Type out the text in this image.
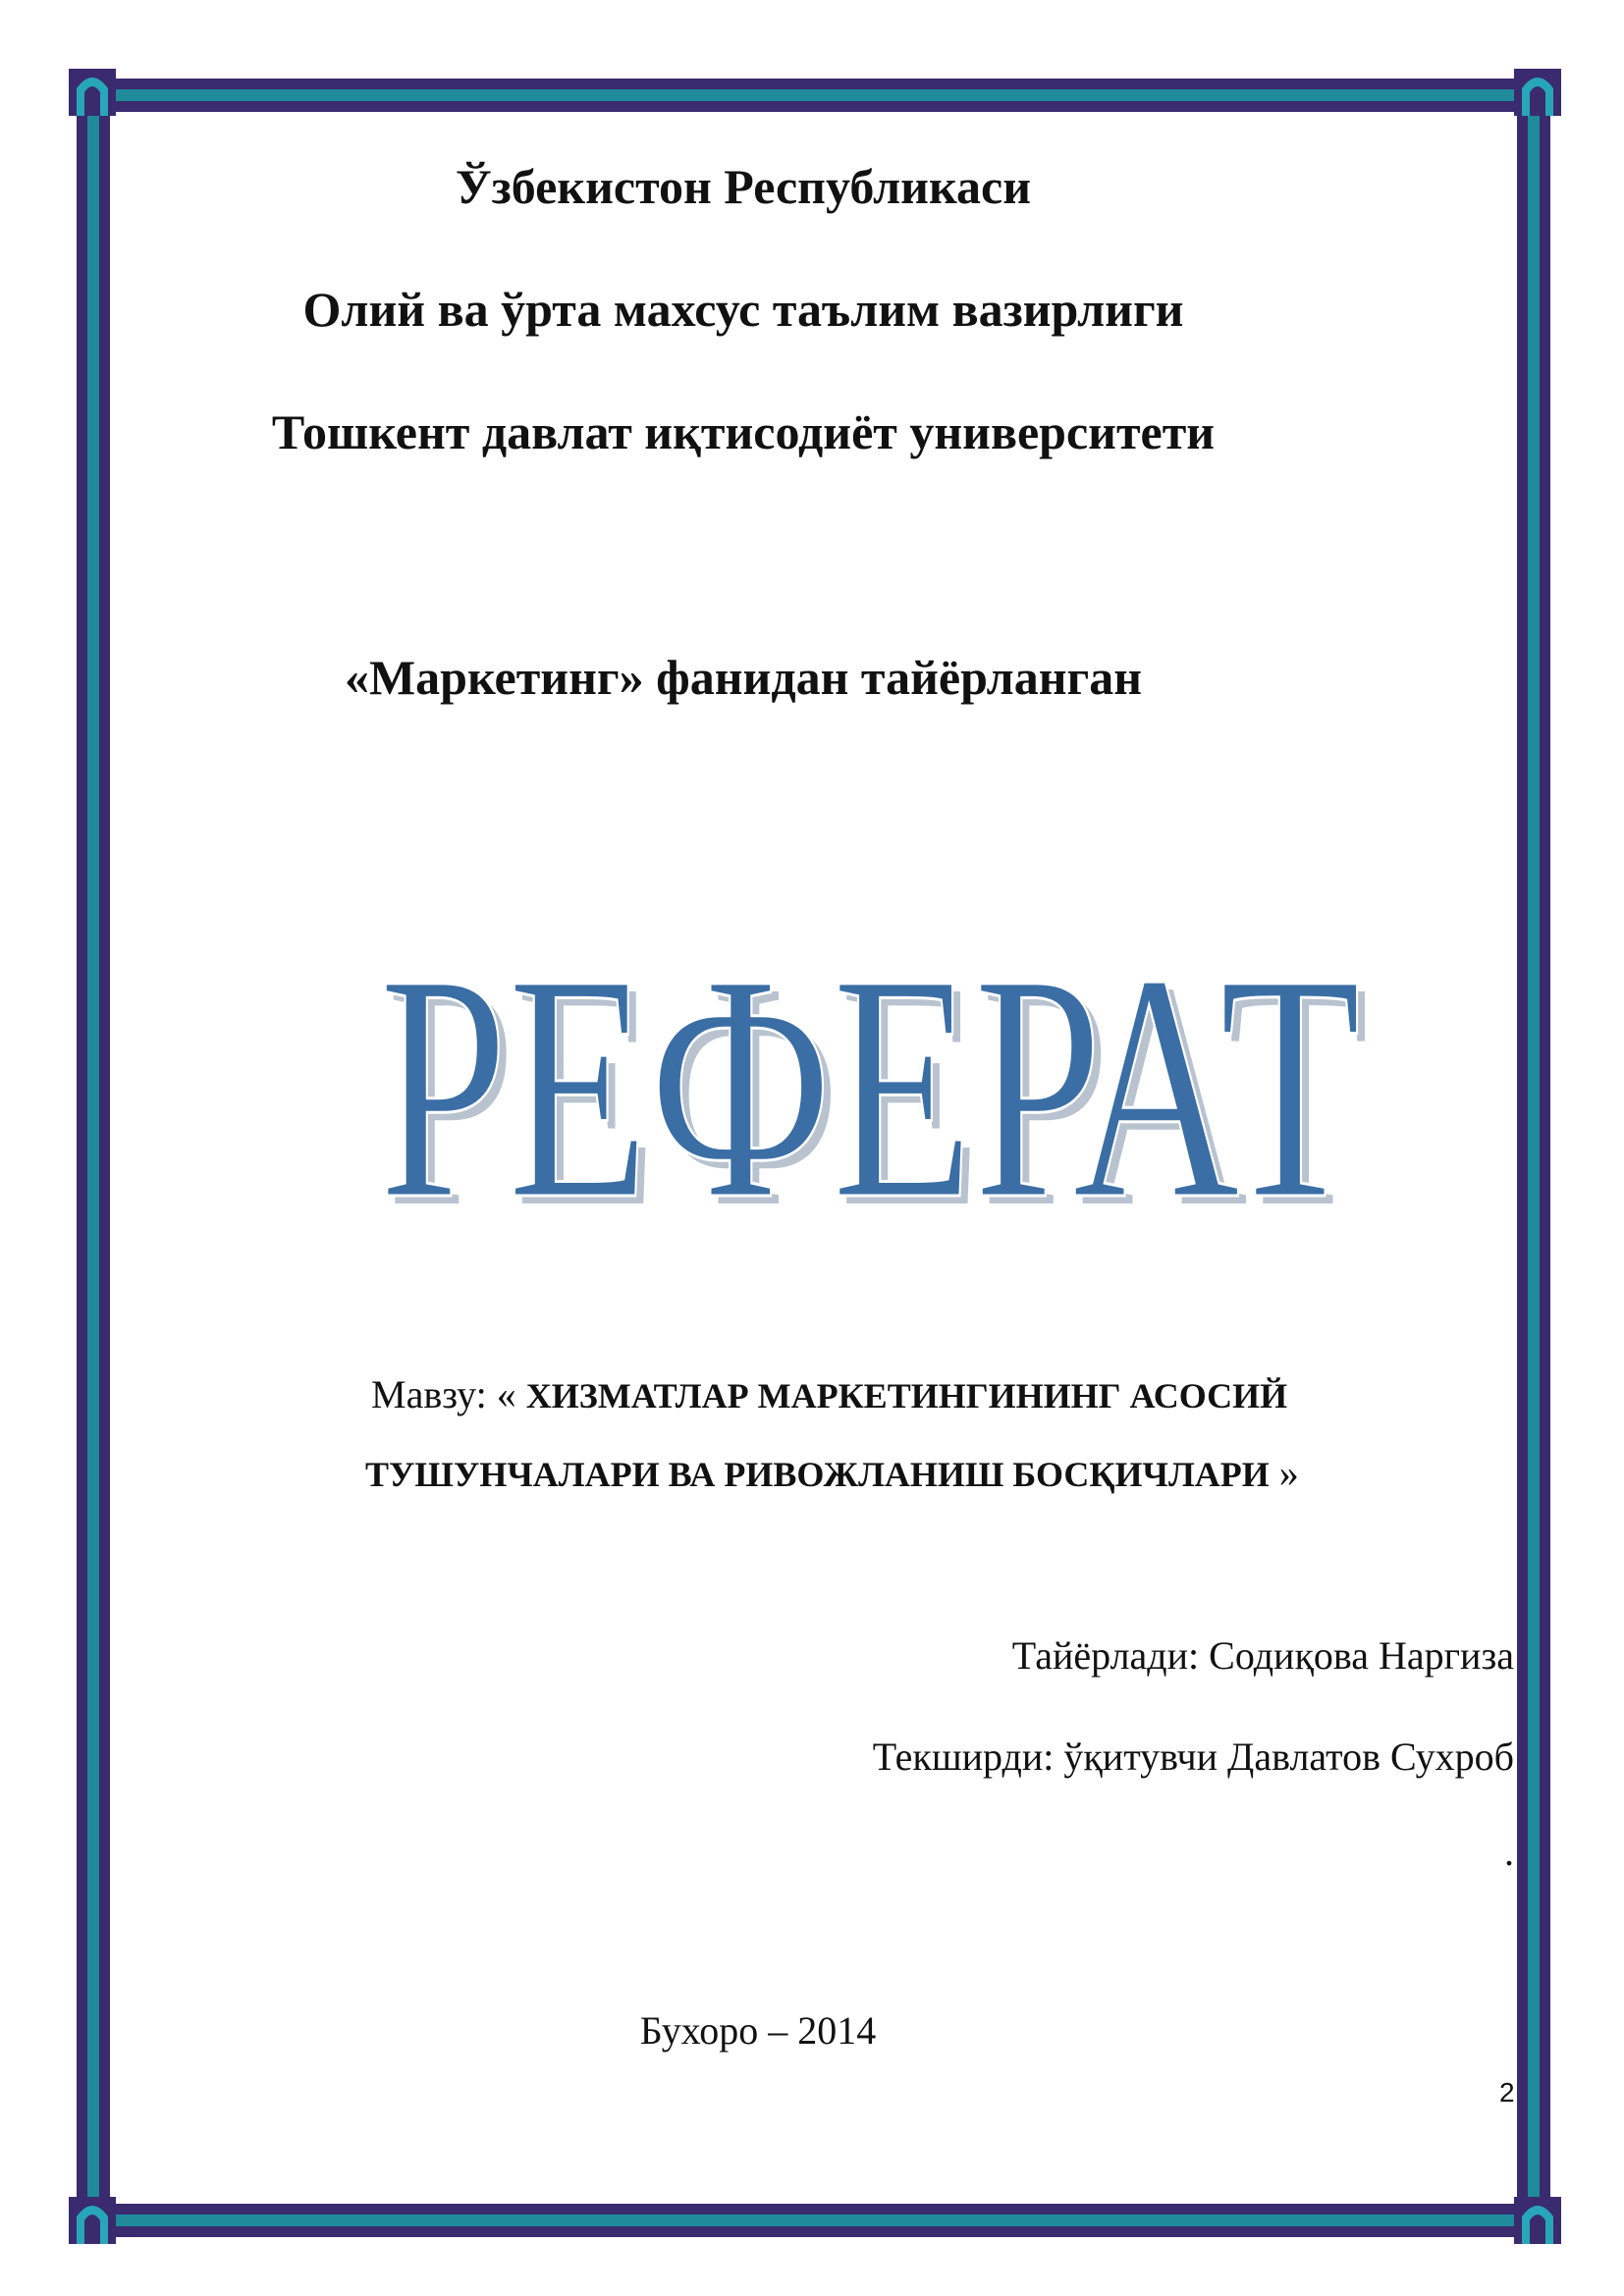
Ўзбекистон Республикаси
Олий ва ўрта махсус таълим вазирлиги
Тошкент давлат иқтисодиёт университети
«Маркетинг» фанидан тайёрланган
РЕФЕРАТ
РЕФЕРАТ
Мавзу: « ХИЗМАТЛАР МАРКЕТИНГИНИНГ АСОСИЙ
ТУШУНЧАЛАРИ ВА РИВОЖЛАНИШ БОСҚИЧЛАРИ »
Тайёрлади: Содиқова Наргиза
Текширди: ўқитувчи Давлатов Сухроб
.
Бухоро – 2014
2
